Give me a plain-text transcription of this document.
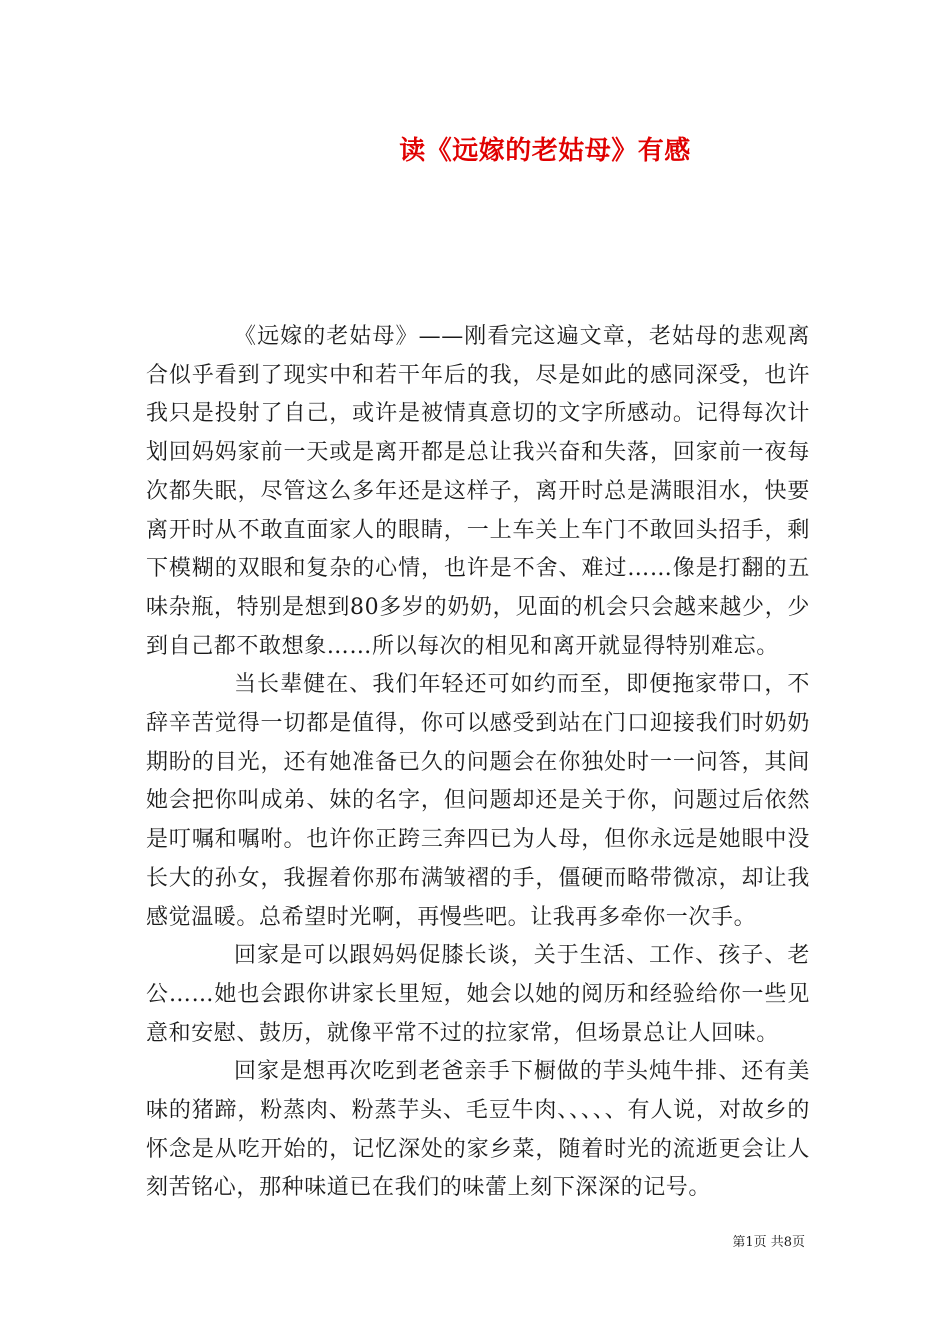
读《远嫁的老姑母》有感

《远嫁的老姑母》——刚看完这遍文章，老姑母的悲观离合似乎看到了现实中和若干年后的我，尽是如此的感同深受，也许我只是投射了自己，或许是被情真意切的文字所感动。记得每次计划回妈妈家前一天或是离开都是总让我兴奋和失落，回家前一夜每次都失眠，尽管这么多年还是这样子，离开时总是满眼泪水，快要离开时从不敢直面家人的眼睛，一上车关上车门不敢回头招手，剩下模糊的双眼和复杂的心情，也许是不舍、难过……像是打翻的五味杂瓶，特别是想到80多岁的奶奶，见面的机会只会越来越少，少到自己都不敢想象……所以每次的相见和离开就显得特别难忘。

当长辈健在、我们年轻还可如约而至，即便拖家带口，不辞辛苦觉得一切都是值得，你可以感受到站在门口迎接我们时奶奶期盼的目光，还有她准备已久的问题会在你独处时一一问答，其间她会把你叫成弟、妹的名字，但问题却还是关于你，问题过后依然是叮嘱和嘱咐。也许你正跨三奔四已为人母，但你永远是她眼中没长大的孙女，我握着你那布满皱褶的手，僵硬而略带微凉，却让我感觉温暖。总希望时光啊，再慢些吧。让我再多牵你一次手。

回家是可以跟妈妈促膝长谈，关于生活、工作、孩子、老公……她也会跟你讲家长里短，她会以她的阅历和经验给你一些见意和安慰、鼓历，就像平常不过的拉家常，但场景总让人回味。

回家是想再次吃到老爸亲手下橱做的芋头炖牛排、还有美味的猪蹄，粉蒸肉、粉蒸芋头、毛豆牛肉、、、、、有人说，对故乡的怀念是从吃开始的，记忆深处的家乡菜，随着时光的流逝更会让人刻苦铭心，那种味道已在我们的味蕾上刻下深深的记号。

第1页 共8页
